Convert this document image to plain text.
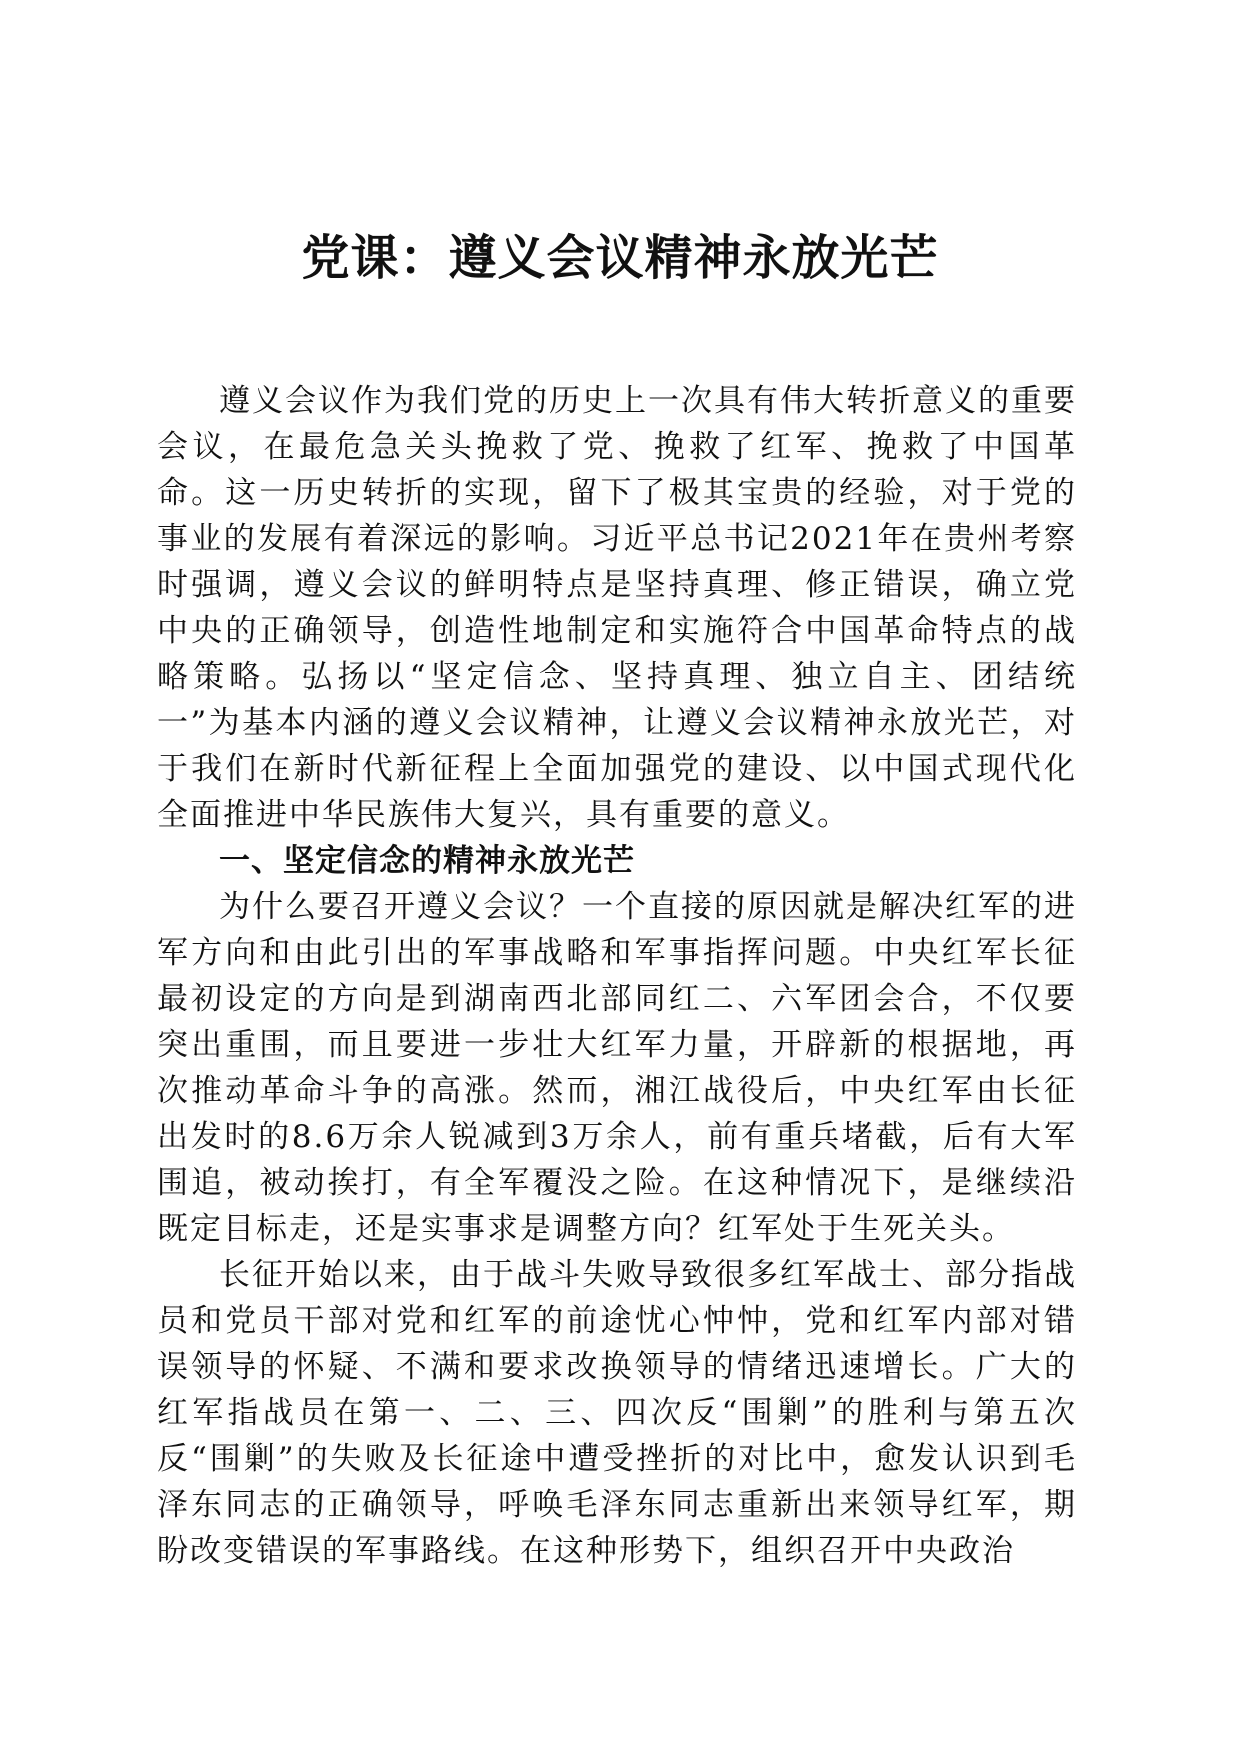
党课：遵义会议精神永放光芒

遵义会议作为我们党的历史上一次具有伟大转折意义的重要会议，在最危急关头挽救了党、挽救了红军、挽救了中国革命。这一历史转折的实现，留下了极其宝贵的经验，对于党的事业的发展有着深远的影响。习近平总书记2021年在贵州考察时强调，遵义会议的鲜明特点是坚持真理、修正错误，确立党中央的正确领导，创造性地制定和实施符合中国革命特点的战略策略。弘扬以“坚定信念、坚持真理、独立自主、团结统一”为基本内涵的遵义会议精神，让遵义会议精神永放光芒，对于我们在新时代新征程上全面加强党的建设、以中国式现代化全面推进中华民族伟大复兴，具有重要的意义。

一、坚定信念的精神永放光芒

为什么要召开遵义会议？一个直接的原因就是解决红军的进军方向和由此引出的军事战略和军事指挥问题。中央红军长征最初设定的方向是到湖南西北部同红二、六军团会合，不仅要突出重围，而且要进一步壮大红军力量，开辟新的根据地，再次推动革命斗争的高涨。然而，湘江战役后，中央红军由长征出发时的8.6万余人锐减到3万余人，前有重兵堵截，后有大军围追，被动挨打，有全军覆没之险。在这种情况下，是继续沿既定目标走，还是实事求是调整方向？红军处于生死关头。

长征开始以来，由于战斗失败导致很多红军战士、部分指战员和党员干部对党和红军的前途忧心忡忡，党和红军内部对错误领导的怀疑、不满和要求改换领导的情绪迅速增长。广大的红军指战员在第一、二、三、四次反“围剿”的胜利与第五次反“围剿”的失败及长征途中遭受挫折的对比中，愈发认识到毛泽东同志的正确领导，呼唤毛泽东同志重新出来领导红军，期盼改变错误的军事路线。在这种形势下，组织召开中央政治
